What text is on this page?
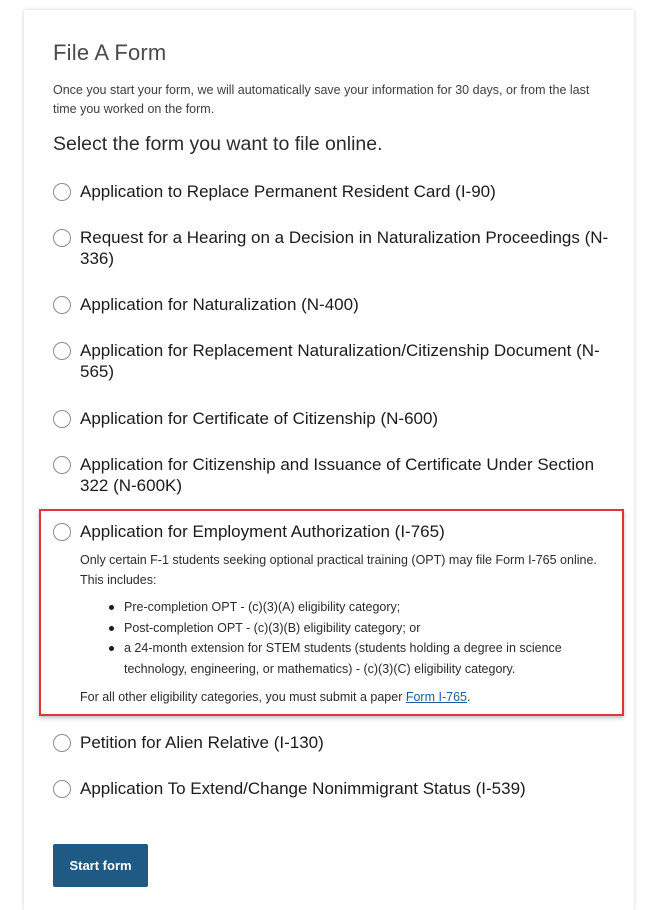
File A Form

Once you start your form, we will automatically save your information for 30 days, or from the last time you worked on the form.

Select the form you want to file online.
Application to Replace Permanent Resident Card (I-90)
Request for a Hearing on a Decision in Naturalization Proceedings (N-336)
Application for Naturalization (N-400)
Application for Replacement Naturalization/Citizenship Document (N-565)
Application for Certificate of Citizenship (N-600)
Application for Citizenship and Issuance of Certificate Under Section 322 (N-600K)
Application for Employment Authorization (I-765)

Only certain F-1 students seeking optional practical training (OPT) may file Form I-765 online. This includes:

Pre-completion OPT - (c)(3)(A) eligibility category;
Post-completion OPT - (c)(3)(B) eligibility category; or
a 24-month extension for STEM students (students holding a degree in science technology, engineering, or mathematics) - (c)(3)(C) eligibility category.

For all other eligibility categories, you must submit a paper Form I-765.

Petition for Alien Relative (I-130)
Application To Extend/Change Nonimmigrant Status (I-539)
Start form
